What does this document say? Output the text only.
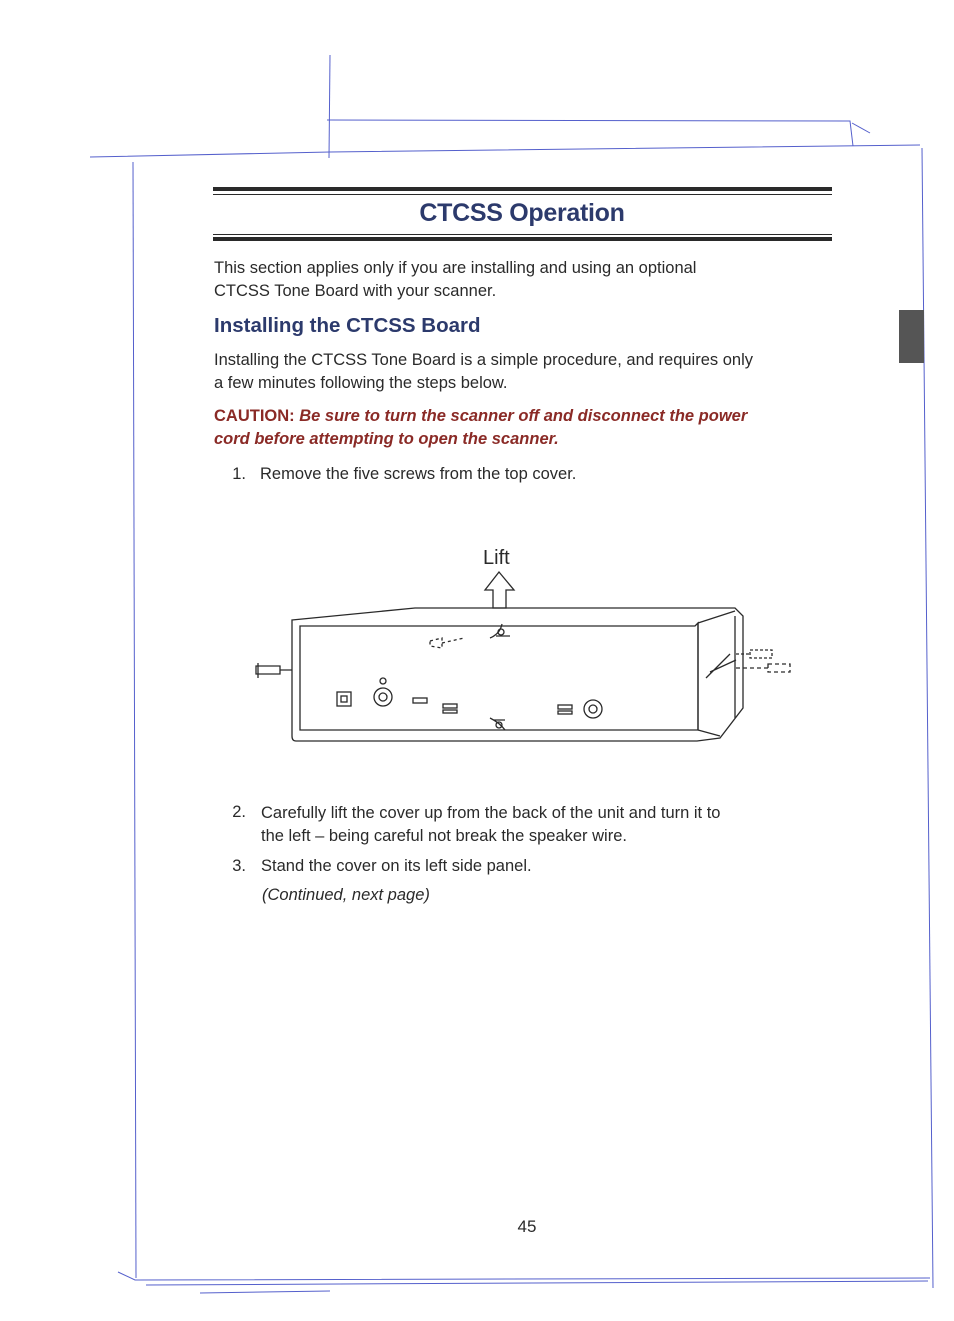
CTCSS Operation
This section applies only if you are installing and using an optional
CTCSS Tone Board with your scanner.
Installing the CTCSS Board
Installing the CTCSS Tone Board is a simple procedure, and requires only
a few minutes following the steps below.
CAUTION: Be sure to turn the scanner off and disconnect the power
cord before attempting to open the scanner.
1. Remove the five screws from the top cover.
Lift
2. Carefully lift the cover up from the back of the unit and turn it to
the left – being careful not break the speaker wire.
3. Stand the cover on its left side panel.
(Continued, next page)
45
